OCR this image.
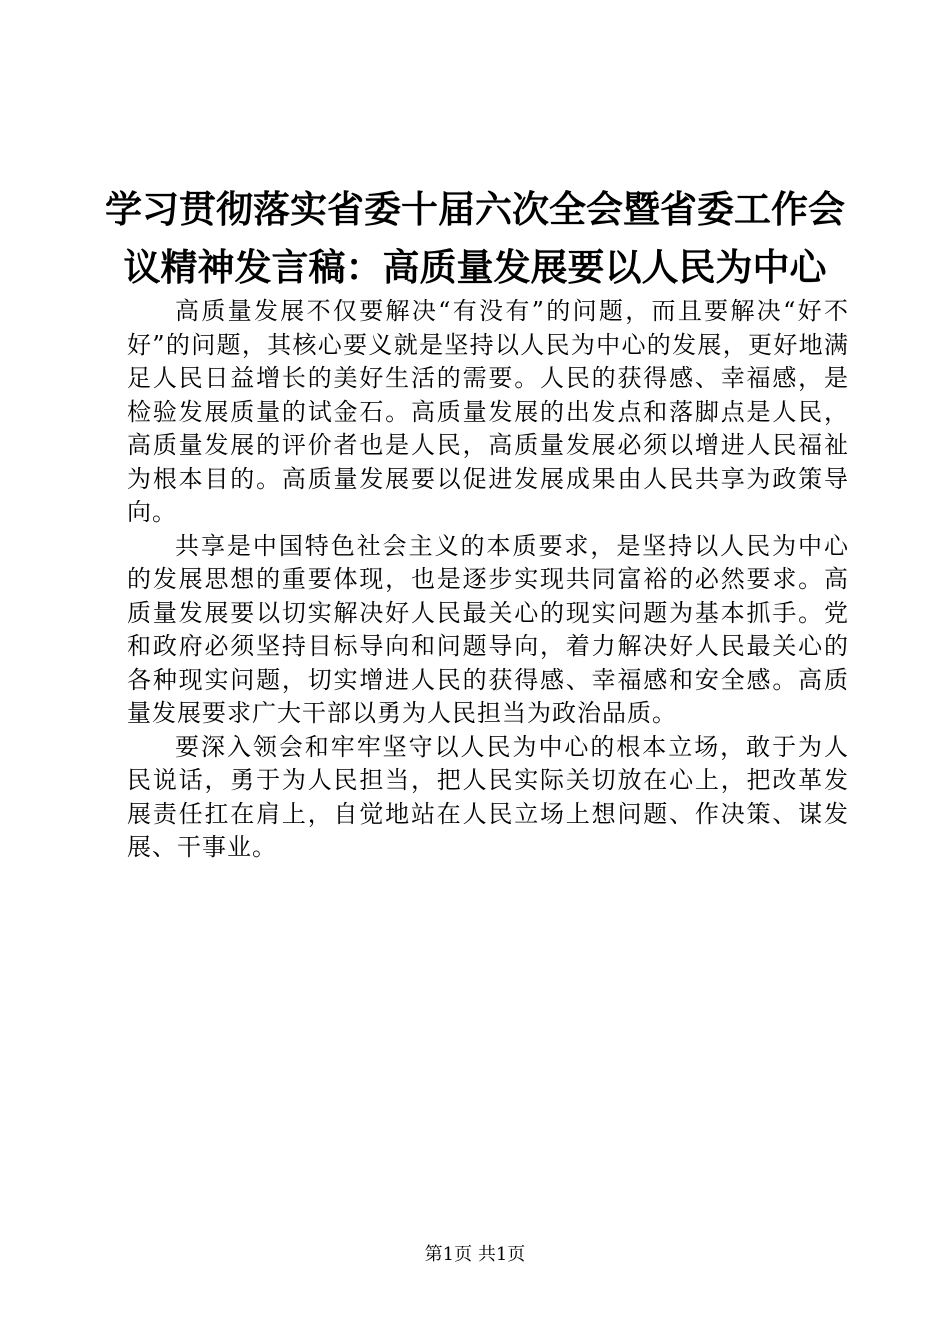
学习贯彻落实省委十届六次全会暨省委工作会
议精神发言稿：高质量发展要以人民为中心

高质量发展不仅要解决“有没有”的问题，而且要解决“好不好”的问题，其核心要义就是坚持以人民为中心的发展，更好地满足人民日益增长的美好生活的需要。人民的获得感、幸福感，是检验发展质量的试金石。高质量发展的出发点和落脚点是人民，高质量发展的评价者也是人民，高质量发展必须以增进人民福祉为根本目的。高质量发展要以促进发展成果由人民共享为政策导向。

共享是中国特色社会主义的本质要求，是坚持以人民为中心的发展思想的重要体现，也是逐步实现共同富裕的必然要求。高质量发展要以切实解决好人民最关心的现实问题为基本抓手。党和政府必须坚持目标导向和问题导向，着力解决好人民最关心的各种现实问题，切实增进人民的获得感、幸福感和安全感。高质量发展要求广大干部以勇为人民担当为政治品质。

要深入领会和牢牢坚守以人民为中心的根本立场，敢于为人民说话，勇于为人民担当，把人民实际关切放在心上，把改革发展责任扛在肩上，自觉地站在人民立场上想问题、作决策、谋发展、干事业。

第1页 共1页
